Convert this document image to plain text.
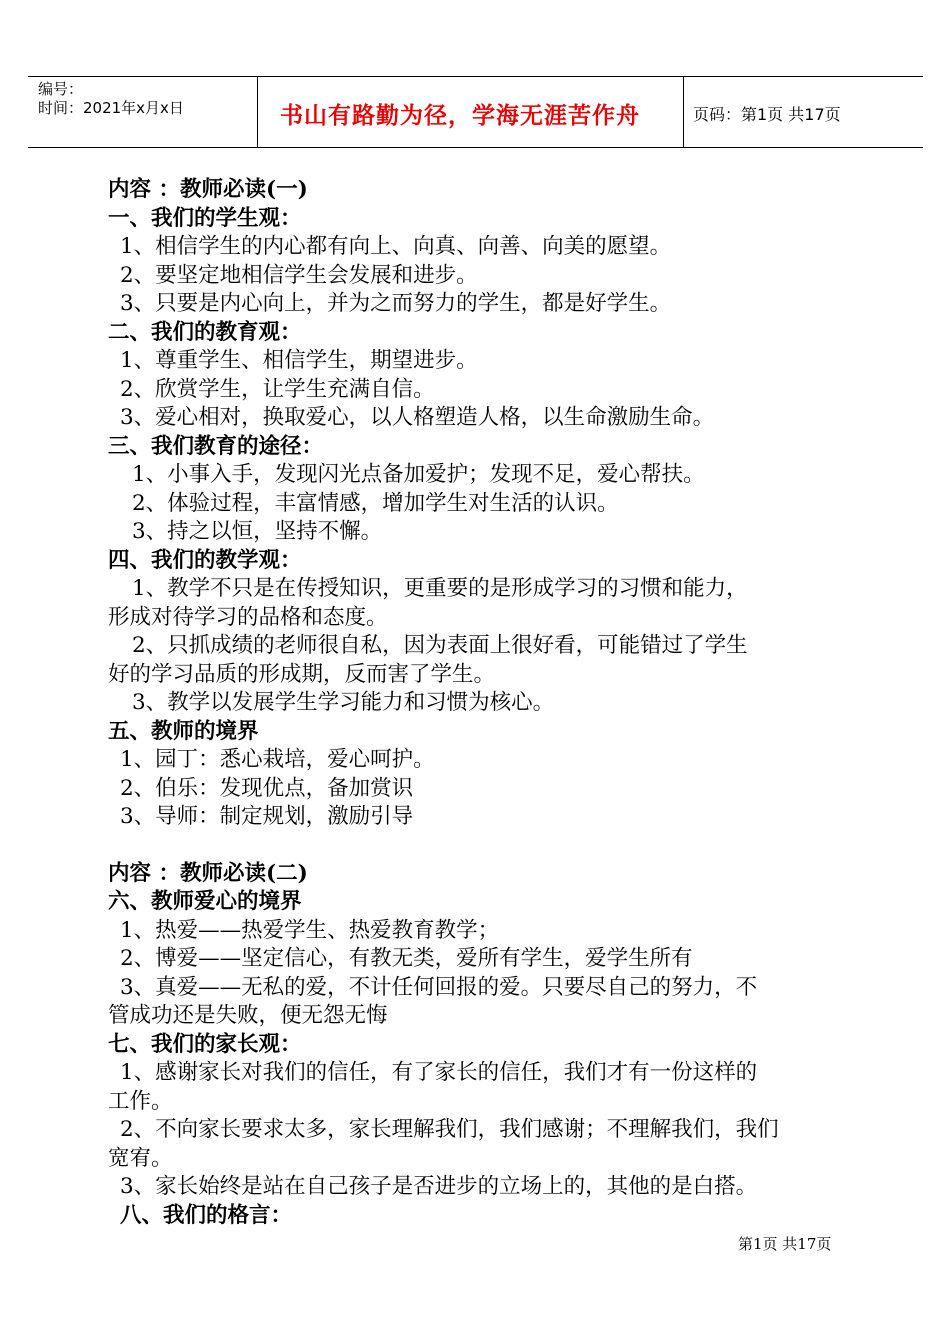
编号：
时间：2021年x月x日	书山有路勤为径，学海无涯苦作舟	页码：第1页 共17页
内容 ：教师必读(一)
一、我们的学生观：
1、相信学生的内心都有向上、向真、向善、向美的愿望。
2、要坚定地相信学生会发展和进步。
3、只要是内心向上，并为之而努力的学生，都是好学生。
二、我们的教育观：
1、尊重学生、相信学生，期望进步。
2、欣赏学生，让学生充满自信。
3、爱心相对，换取爱心，以人格塑造人格，以生命激励生命。
三、我们教育的途径：
1、小事入手，发现闪光点备加爱护；发现不足，爱心帮扶。
2、体验过程，丰富情感，增加学生对生活的认识。
3、持之以恒，坚持不懈。
四、我们的教学观：
1、教学不只是在传授知识，更重要的是形成学习的习惯和能力，
形成对待学习的品格和态度。
2、只抓成绩的老师很自私，因为表面上很好看，可能错过了学生
好的学习品质的形成期，反而害了学生。
3、教学以发展学生学习能力和习惯为核心。
五、教师的境界
1、园丁：悉心栽培，爱心呵护。
2、伯乐：发现优点，备加赏识
3、导师：制定规划，激励引导
内容 ：教师必读(二)
六、教师爱心的境界
1、热爱——热爱学生、热爱教育教学；
2、博爱——坚定信心，有教无类，爱所有学生，爱学生所有
3、真爱——无私的爱，不计任何回报的爱。只要尽自己的努力，不
管成功还是失败，便无怨无悔
七、我们的家长观：
1、感谢家长对我们的信任，有了家长的信任，我们才有一份这样的
工作。
2、不向家长要求太多，家长理解我们，我们感谢；不理解我们，我们
宽宥。
3、家长始终是站在自己孩子是否进步的立场上的，其他的是白搭。
八、我们的格言：
第1页 共17页
